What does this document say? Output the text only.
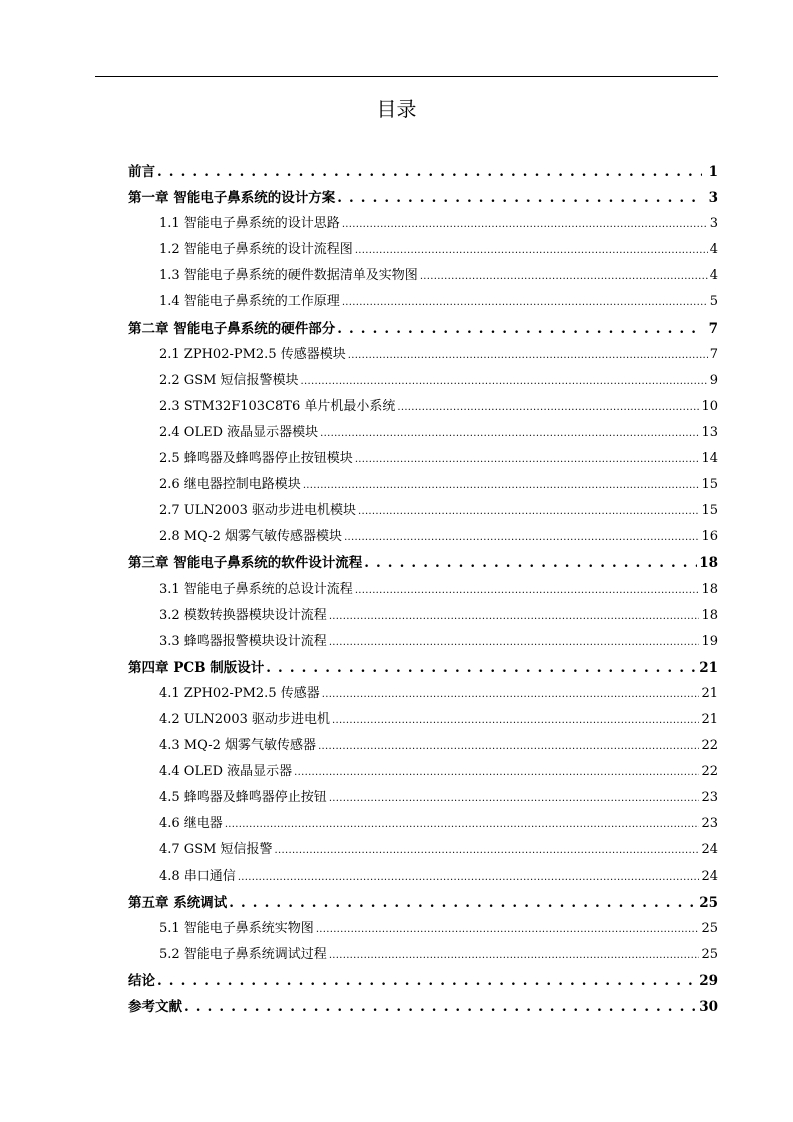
目录
前言 . . .	1
第一章 智能电子鼻系统的设计方案 . . .	3
1.1 智能电子鼻系统的设计思路 .....	3
1.2 智能电子鼻系统的设计流程图 .....	4
1.3 智能电子鼻系统的硬件数据清单及实物图 .....	4
1.4 智能电子鼻系统的工作原理 .....	5
第二章 智能电子鼻系统的硬件部分 . . .	7
2.1 ZPH02-PM2.5 传感器模块 .....	7
2.2 GSM 短信报警模块 .....	9
2.3 STM32F103C8T6 单片机最小系统 .....	10
2.4 OLED 液晶显示器模块 .....	13
2.5 蜂鸣器及蜂鸣器停止按钮模块 .....	14
2.6 继电器控制电路模块 .....	15
2.7 ULN2003 驱动步进电机模块 .....	15
2.8 MQ-2 烟雾气敏传感器模块 .....	16
第三章 智能电子鼻系统的软件设计流程 . . .	18
3.1 智能电子鼻系统的总设计流程 .....	18
3.2 模数转换器模块设计流程 .....	18
3.3 蜂鸣器报警模块设计流程 .....	19
第四章 PCB 制版设计 . . .	21
4.1 ZPH02-PM2.5 传感器 .....	21
4.2 ULN2003 驱动步进电机 .....	21
4.3 MQ-2 烟雾气敏传感器 .....	22
4.4 OLED 液晶显示器 .....	22
4.5 蜂鸣器及蜂鸣器停止按钮 .....	23
4.6 继电器 .....	23
4.7 GSM 短信报警 .....	24
4.8 串口通信 .....	24
第五章 系统调试 . . .	25
5.1 智能电子鼻系统实物图 .....	25
5.2 智能电子鼻系统调试过程 .....	25
结论 . . .	29
参考文献 . . .	30
